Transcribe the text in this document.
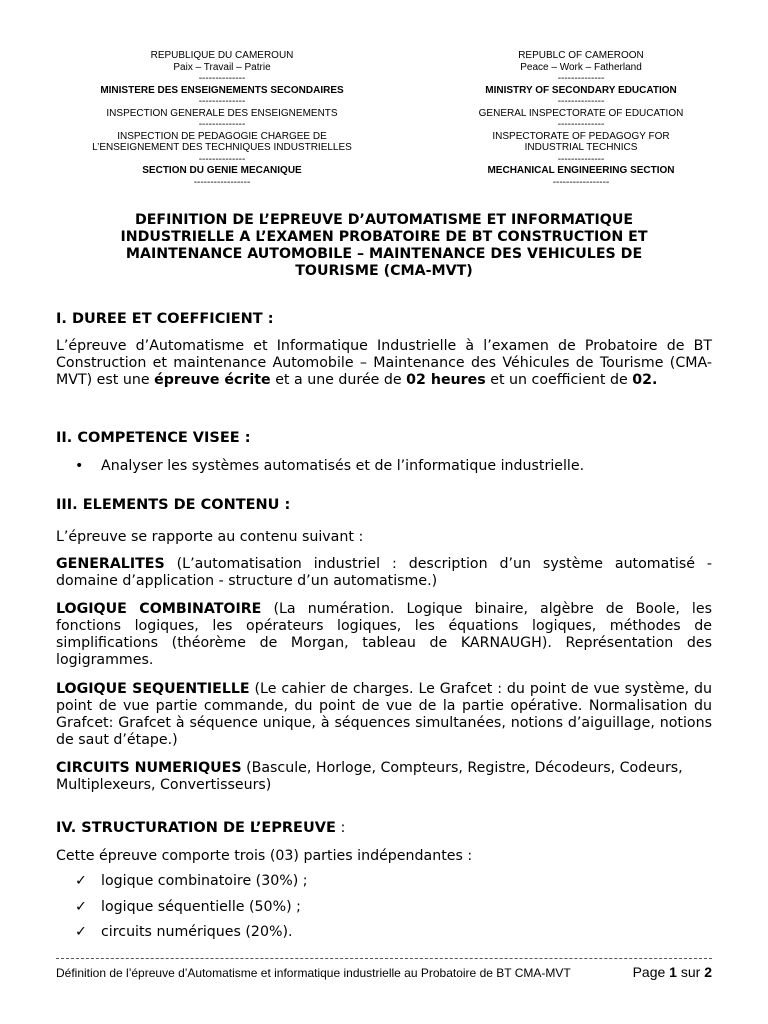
REPUBLIQUE DU CAMEROUN
Paix – Travail – Patrie
--------------
MINISTERE DES ENSEIGNEMENTS SECONDAIRES
--------------
INSPECTION GENERALE DES ENSEIGNEMENTS
--------------
INSPECTION DE PEDAGOGIE CHARGEE DE
L’ENSEIGNEMENT DES TECHNIQUES INDUSTRIELLES
--------------
SECTION DU GENIE MECANIQUE
-----------------
REPUBLC OF CAMEROON
Peace – Work – Fatherland
--------------
MINISTRY OF SECONDARY EDUCATION
--------------
GENERAL INSPECTORATE OF EDUCATION
--------------
INSPECTORATE OF PEDAGOGY FOR
INDUSTRIAL TECHNICS
--------------
MECHANICAL ENGINEERING SECTION
-----------------
DEFINITION DE L’EPREUVE D’AUTOMATISME ET INFORMATIQUE
INDUSTRIELLE A L’EXAMEN PROBATOIRE DE BT CONSTRUCTION ET
MAINTENANCE AUTOMOBILE – MAINTENANCE DES VEHICULES DE
TOURISME (CMA-MVT)
I. DUREE ET COEFFICIENT :
L’épreuve d’Automatisme et Informatique Industrielle à l’examen de Probatoire de BT Construction et maintenance Automobile – Maintenance des Véhicules de Tourisme (CMA-MVT) est une épreuve écrite et a une durée de 02 heures et un coefficient de 02.
II. COMPETENCE VISEE :
• Analyser les systèmes automatisés et de l’informatique industrielle.
III. ELEMENTS DE CONTENU :
L’épreuve se rapporte au contenu suivant :
GENERALITES (L’automatisation industriel : description d’un système automatisé - domaine d’application - structure d’un automatisme.)
LOGIQUE COMBINATOIRE (La numération. Logique binaire, algèbre de Boole, les fonctions logiques, les opérateurs logiques, les équations logiques, méthodes de simplifications (théorème de Morgan, tableau de KARNAUGH). Représentation des logigrammes.
LOGIQUE SEQUENTIELLE (Le cahier de charges. Le Grafcet : du point de vue système, du point de vue partie commande, du point de vue de la partie opérative. Normalisation du Grafcet: Grafcet à séquence unique, à séquences simultanées, notions d’aiguillage, notions de saut d’étape.)
CIRCUITS NUMERIQUES (Bascule, Horloge, Compteurs, Registre, Décodeurs, Codeurs, Multiplexeurs, Convertisseurs)
IV. STRUCTURATION DE L’EPREUVE :
Cette épreuve comporte trois (03) parties indépendantes :
✓ logique combinatoire (30%) ;
✓ logique séquentielle (50%) ;
✓ circuits numériques (20%).
Définition de l’épreuve d’Automatisme et informatique industrielle au Probatoire de BT CMA-MVT	Page 1 sur 2
